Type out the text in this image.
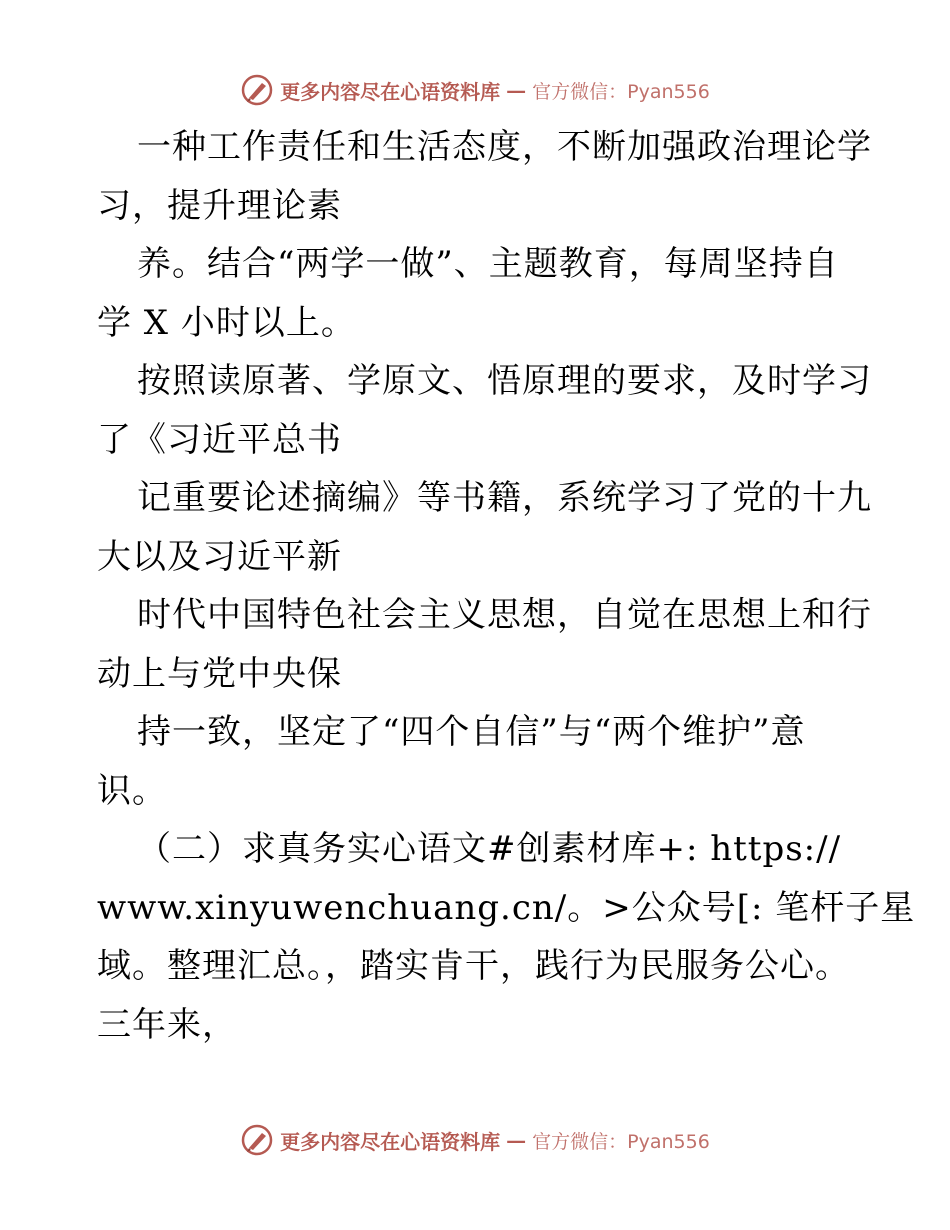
更多内容尽在心语资料库 — 官方微信：Pyan556
一种工作责任和生活态度，不断加强政治理论学
习，提升理论素
养。结合“两学一做”、主题教育，每周坚持自
学 X 小时以上。
按照读原著、学原文、悟原理的要求，及时学习
了《习近平总书
记重要论述摘编》等书籍，系统学习了党的十九
大以及习近平新
时代中国特色社会主义思想，自觉在思想上和行
动上与党中央保
持一致，坚定了“四个自信”与“两个维护”意
识。
（二）求真务实心语文#创素材库+: https://
www.xinyuwenchuang.cn/。>公众号[: 笔杆子星
域。整理汇总。，踏实肯干，践行为民服务公心。
三年来，
更多内容尽在心语资料库 — 官方微信：Pyan556
